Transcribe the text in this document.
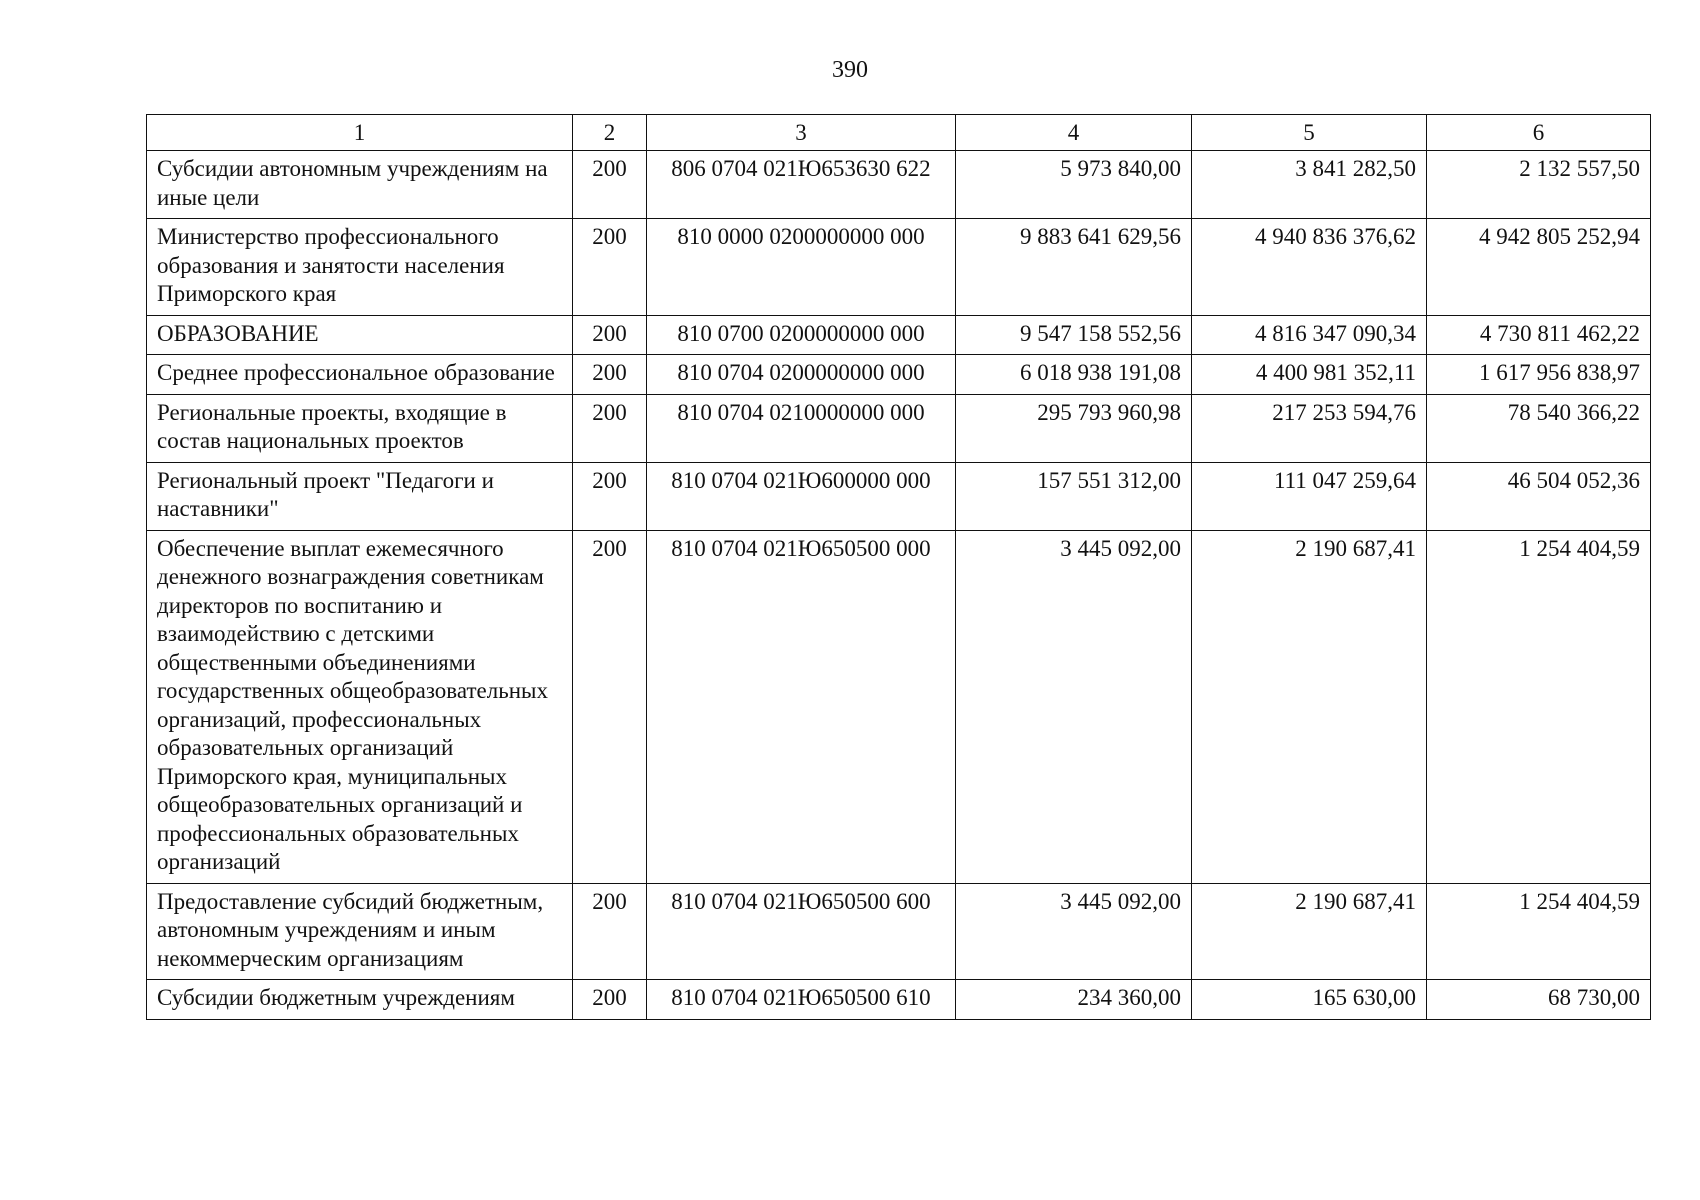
390
1	2	3	4	5	6
Субсидии автономным учреждениям на иные цели	200	806 0704 021Ю653630 622	5 973 840,00	3 841 282,50	2 132 557,50
Министерство профессионального образования и занятости населения Приморского края	200	810 0000 0200000000 000	9 883 641 629,56	4 940 836 376,62	4 942 805 252,94
ОБРАЗОВАНИЕ	200	810 0700 0200000000 000	9 547 158 552,56	4 816 347 090,34	4 730 811 462,22
Среднее профессиональное образование	200	810 0704 0200000000 000	6 018 938 191,08	4 400 981 352,11	1 617 956 838,97
Региональные проекты, входящие в состав национальных проектов	200	810 0704 0210000000 000	295 793 960,98	217 253 594,76	78 540 366,22
Региональный проект "Педагоги и наставники"	200	810 0704 021Ю600000 000	157 551 312,00	111 047 259,64	46 504 052,36
Обеспечение выплат ежемесячного денежного вознаграждения советникам директоров по воспитанию и взаимодействию с детскими общественными объединениями государственных общеобразовательных организаций, профессиональных образовательных организаций Приморского края, муниципальных общеобразовательных организаций и профессиональных образовательных организаций	200	810 0704 021Ю650500 000	3 445 092,00	2 190 687,41	1 254 404,59
Предоставление субсидий бюджетным, автономным учреждениям и иным некоммерческим организациям	200	810 0704 021Ю650500 600	3 445 092,00	2 190 687,41	1 254 404,59
Субсидии бюджетным учреждениям	200	810 0704 021Ю650500 610	234 360,00	165 630,00	68 730,00
